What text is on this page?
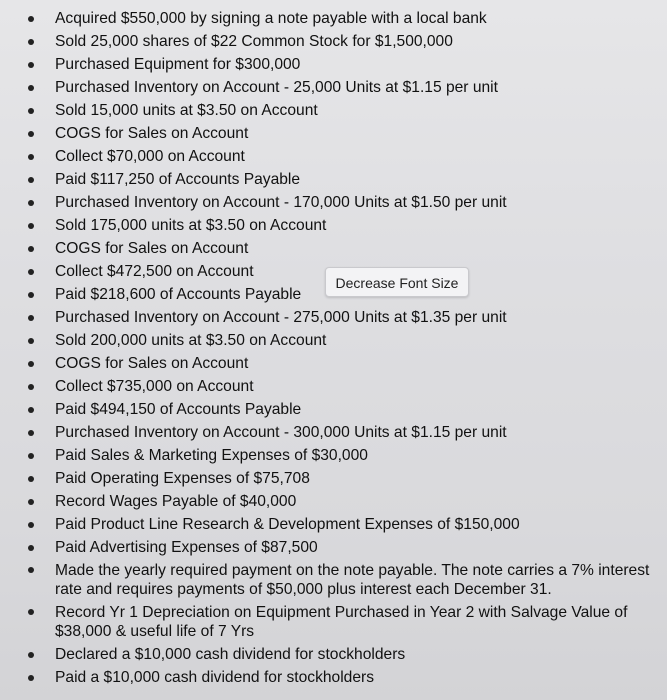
Acquired $550,000 by signing a note payable with a local bank
Sold 25,000 shares of $22 Common Stock for $1,500,000
Purchased Equipment for $300,000
Purchased Inventory on Account - 25,000 Units at $1.15 per unit
Sold 15,000 units at $3.50 on Account
COGS for Sales on Account
Collect $70,000 on Account
Paid $117,250 of Accounts Payable
Purchased Inventory on Account - 170,000 Units at $1.50 per unit
Sold 175,000 units at $3.50 on Account
COGS for Sales on Account
Collect $472,500 on Account
Paid $218,600 of Accounts Payable
Purchased Inventory on Account - 275,000 Units at $1.35 per unit
Sold 200,000 units at $3.50 on Account
COGS for Sales on Account
Collect $735,000 on Account
Paid $494,150 of Accounts Payable
Purchased Inventory on Account - 300,000 Units at $1.15 per unit
Paid Sales & Marketing Expenses of $30,000
Paid Operating Expenses of $75,708
Record Wages Payable of $40,000
Paid Product Line Research & Development Expenses of $150,000
Paid Advertising Expenses of $87,500
Made the yearly required payment on the note payable. The note carries a 7% interest rate and requires payments of $50,000 plus interest each December 31.
Record Yr 1 Depreciation on Equipment Purchased in Year 2 with Salvage Value of $38,000 & useful life of 7 Yrs
Declared a $10,000 cash dividend for stockholders
Paid a $10,000 cash dividend for stockholders
Decrease Font Size
